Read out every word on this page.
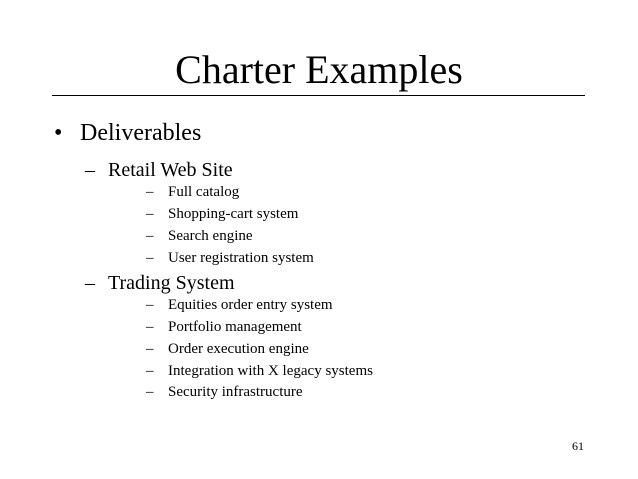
Charter Examples
• Deliverables
– Retail Web Site
– Full catalog
– Shopping-cart system
– Search engine
– User registration system
– Trading System
– Equities order entry system
– Portfolio management
– Order execution engine
– Integration with X legacy systems
– Security infrastructure
61
